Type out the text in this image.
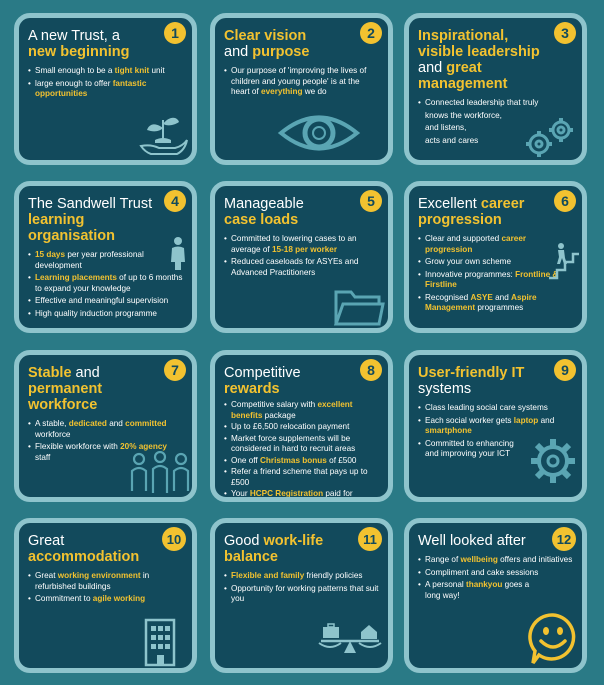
1
A new Trust, a
new beginning
• Small enough to be a tight knit unit
• large enough to offer fantastic opportunities
2
Clear vision
and purpose
• Our purpose of 'improving the lives of children and young people' is at the heart of everything we do
3
Inspirational, visible leadership and great management
• Connected leadership that truly
knows the workforce,
and listens,
acts and cares
4
The Sandwell Trust
learning organisation
• 15 days per year professional development
• Learning placements of up to 6 months to expand your knowledge
• Effective and meaningful supervision
• High quality induction programme
5
Manageable
case loads
• Committed to lowering cases to an average of 15-18 per worker
• Reduced caseloads for ASYEs and Advanced Practitioners
6
Excellent career progression
• Clear and supported career progression
• Grow your own scheme
• Innovative programmes: Frontline & Firstline
• Recognised ASYE and Aspire Management programmes
7
Stable and
permanent workforce
• A stable, dedicated and committed workforce
• Flexible workforce with 20% agency staff
8
Competitive rewards
• Competitive salary with excellent benefits package
• Up to £6,500 relocation payment
• Market force supplements will be considered in hard to recruit areas
• One off Christmas bonus of £500
• Refer a friend scheme that pays up to £500
• Your HCPC Registration paid for
9
User-friendly IT
systems
• Class leading social care systems
• Each social worker gets laptop and smartphone
• Committed to enhancing and improving your ICT
10
Great
accommodation
• Great working environment in refurbished buildings
• Commitment to agile working
11
Good work-life balance
• Flexible and family friendly policies
• Opportunity for working patterns that suit you
12
Well looked after
• Range of wellbeing offers and initiatives
• Compliment and cake sessions
• A personal thankyou goes a long way!
